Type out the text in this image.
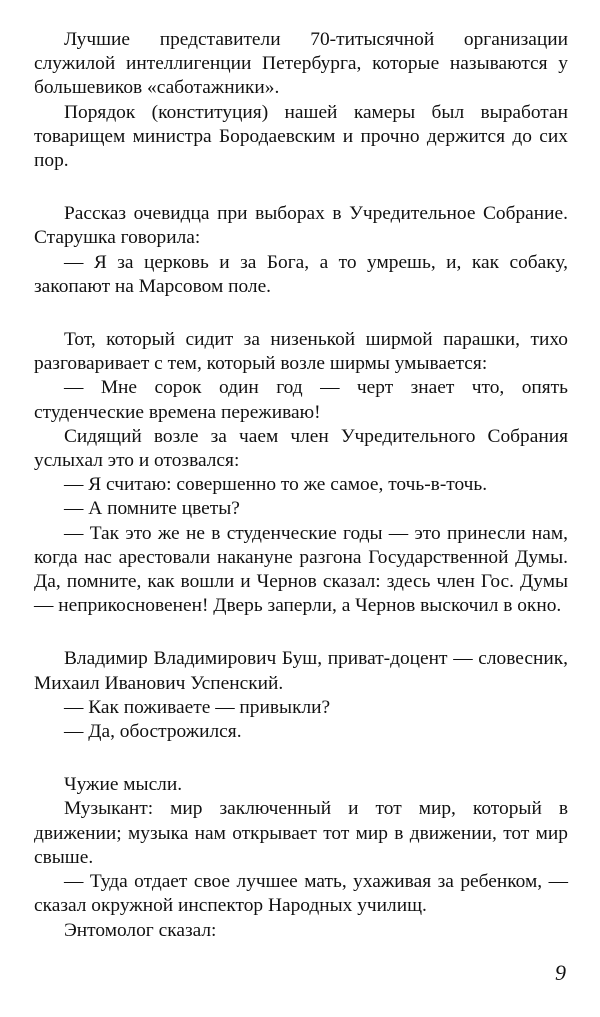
Лучшие представители 70-титысячной организации служилой интеллигенции Петербурга, которые называются у большевиков «саботажники».

Порядок (конституция) нашей камеры был выработан товарищем министра Бородаевским и прочно держится до сих пор.

Рассказ очевидца при выборах в Учредительное Собрание. Старушка говорила:

— Я за церковь и за Бога, а то умрешь, и, как собаку, закопают на Марсовом поле.

Тот, который сидит за низенькой ширмой парашки, тихо разговаривает с тем, который возле ширмы умывается:

— Мне сорок один год — черт знает что, опять студенческие времена переживаю!

Сидящий возле за чаем член Учредительного Собрания услыхал это и отозвался:

— Я считаю: совершенно то же самое, точь-в-точь.

— А помните цветы?

— Так это же не в студенческие годы — это принесли нам, когда нас арестовали накануне разгона Государственной Думы. Да, помните, как вошли и Чернов сказал: здесь член Гос. Думы — неприкосновенен! Дверь заперли, а Чернов выскочил в окно.

Владимир Владимирович Буш, приват-доцент — словесник, Михаил Иванович Успенский.

— Как поживаете — привыкли?

— Да, обострожился.

Чужие мысли.

Музыкант: мир заключенный и тот мир, который в движении; музыка нам открывает тот мир в движении, тот мир свыше.

— Туда отдает свое лучшее мать, ухаживая за ребенком, — сказал окружной инспектор Народных училищ.

Энтомолог сказал:

9
